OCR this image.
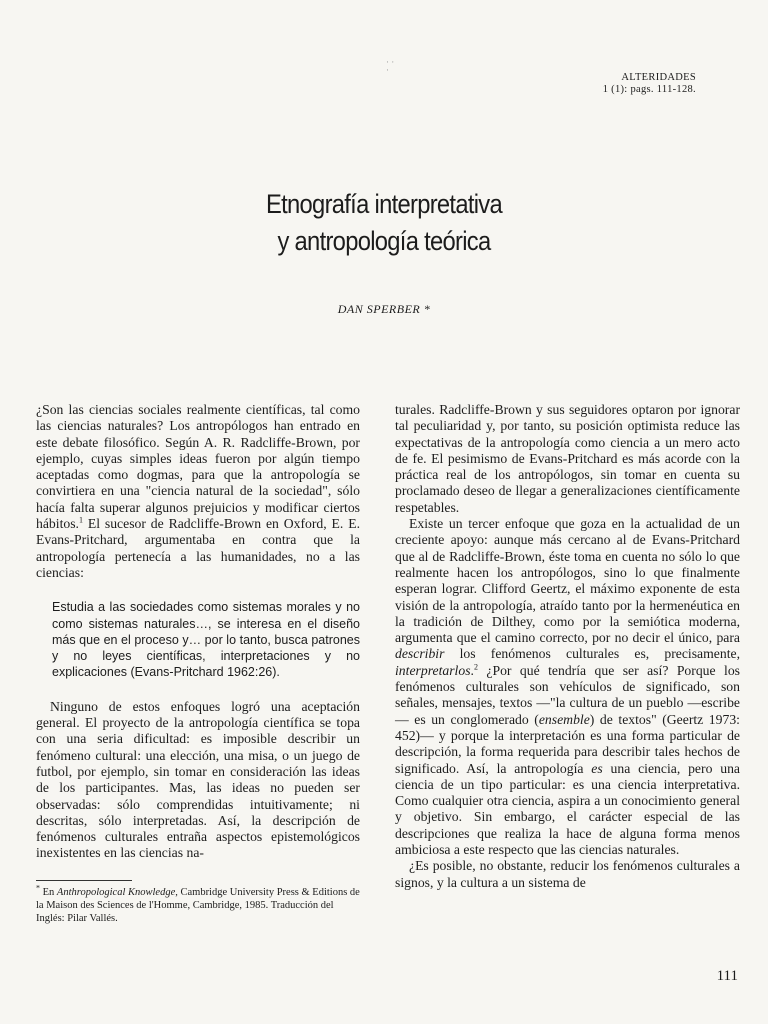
· ·
·
ALTERIDADES
1 (1): pags. 111-128.
Etnografía interpretativa
y antropología teórica
DAN SPERBER *

¿Son las ciencias sociales realmente científicas, tal como las ciencias naturales? Los antropólogos han entrado en este debate filosófico. Según A. R. Radcliffe-Brown, por ejemplo, cuyas simples ideas fueron por algún tiempo aceptadas como dogmas, para que la antropología se convirtiera en una "ciencia natural de la sociedad", sólo hacía falta superar algunos prejuicios y modificar ciertos hábitos.$^1$ El sucesor de Radcliffe-Brown en Oxford, E. E. Evans-Pritchard, argumentaba en contra que la antropología pertenecía a las humanidades, no a las ciencias:

Estudia a las sociedades como sistemas morales y no como sistemas naturales…, se interesa en el diseño más que en el proceso y… por lo tanto, busca patrones y no leyes científicas, interpretaciones y no explicaciones (Evans-Pritchard 1962:26).

Ninguno de estos enfoques logró una aceptación general. El proyecto de la antropología científica se topa con una seria dificultad: es imposible describir un fenómeno cultural: una elección, una misa, o un juego de futbol, por ejemplo, sin tomar en consideración las ideas de los participantes. Mas, las ideas no pueden ser observadas: sólo comprendidas intuitivamente; ni descritas, sólo interpretadas. Así, la descripción de fenómenos culturales entraña aspectos epistemológicos inexistentes en las ciencias na-

turales. Radcliffe-Brown y sus seguidores optaron por ignorar tal peculiaridad y, por tanto, su posición optimista reduce las expectativas de la antropología como ciencia a un mero acto de fe. El pesimismo de Evans-Pritchard es más acorde con la práctica real de los antropólogos, sin tomar en cuenta su proclamado deseo de llegar a generalizaciones científicamente respetables.

Existe un tercer enfoque que goza en la actualidad de un creciente apoyo: aunque más cercano al de Evans-Pritchard que al de Radcliffe-Brown, éste toma en cuenta no sólo lo que realmente hacen los antropólogos, sino lo que finalmente esperan lograr. Clifford Geertz, el máximo exponente de esta visión de la antropología, atraído tanto por la hermenéutica en la tradición de Dilthey, como por la semiótica moderna, argumenta que el camino correcto, por no decir el único, para describir los fenómenos culturales es, precisamente, interpretarlos.$^2$ ¿Por qué tendría que ser así? Porque los fenómenos culturales son vehículos de significado, son señales, mensajes, textos —"la cultura de un pueblo —escribe— es un conglomerado (ensemble) de textos" (Geertz 1973: 452)— y porque la interpretación es una forma particular de descripción, la forma requerida para describir tales hechos de significado. Así, la antropología es una ciencia, pero una ciencia de un tipo particular: es una ciencia interpretativa. Como cualquier otra ciencia, aspira a un conocimiento general y objetivo. Sin embargo, el carácter especial de las descripciones que realiza la hace de alguna forma menos ambiciosa a este respecto que las ciencias naturales.

¿Es posible, no obstante, reducir los fenómenos culturales a signos, y la cultura a un sistema de

* En Anthropological Knowledge, Cambridge University Press & Editions de la Maison des Sciences de l'Homme, Cambridge, 1985. Traducción del Inglés: Pilar Vallés.
111
